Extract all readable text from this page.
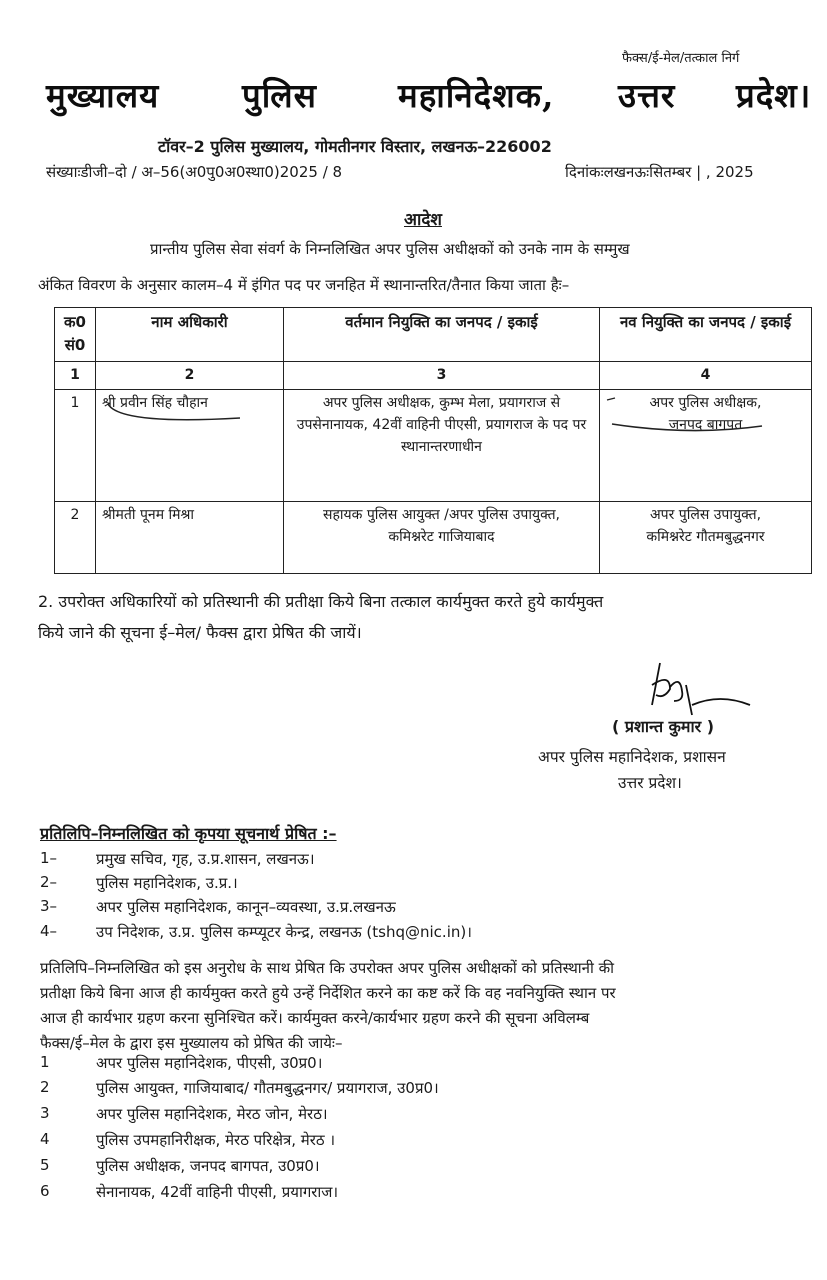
फैक्स/ई-मेल/तत्काल निर्ग
मुख्यालय	पुलिस महानिदेशक, उत्तर प्रदेश।
टॉवर–2 पुलिस मुख्यालय, गोमतीनगर विस्तार, लखनऊ–226002
संख्याःडीजी–दो / अ–56(अ0पु0अ0स्था0)2025 / 8	दिनांकःलखनऊःसितम्बर | , 2025
आदेश
प्रान्तीय पुलिस सेवा संवर्ग के निम्नलिखित अपर पुलिस अधीक्षकों को उनके नाम के सम्मुख
अंकित विवरण के अनुसार कालम–4 में इंगित पद पर जनहित में स्थानान्तरित/तैनात किया जाता हैः–
क0 सं0	नाम अधिकारी	वर्तमान नियुक्ति का जनपद / इकाई	नव नियुक्ति का जनपद / इकाई
1	2	3	4
1	श्री प्रवीन सिंह चौहान	अपर पुलिस अधीक्षक, कुम्भ मेला, प्रयागराज से उपसेनानायक, 42वीं वाहिनी पीएसी, प्रयागराज के पद पर स्थानान्तरणाधीन	अपर पुलिस अधीक्षक, जनपद बागपत
2	श्रीमती पूनम मिश्रा	सहायक पुलिस आयुक्त /अपर पुलिस उपायुक्त, कमिश्नरेट गाजियाबाद	अपर पुलिस उपायुक्त, कमिश्नरेट गौतमबुद्धनगर
2. उपरोक्त अधिकारियों को प्रतिस्थानी की प्रतीक्षा किये बिना तत्काल कार्यमुक्त करते हुये कार्यमुक्त
किये जाने की सूचना ई–मेल/ फैक्स द्वारा प्रेषित की जायें।
( प्रशान्त कुमार )
अपर पुलिस महानिदेशक, प्रशासन
उत्तर प्रदेश।
प्रतिलिपि–निम्नलिखित को कृपया सूचनार्थ प्रेषित :–
1–	प्रमुख सचिव, गृह, उ.प्र.शासन, लखनऊ।
2–	पुलिस महानिदेशक, उ.प्र.।
3–	अपर पुलिस महानिदेशक, कानून–व्यवस्था, उ.प्र.लखनऊ
4–	उप निदेशक, उ.प्र. पुलिस कम्प्यूटर केन्द्र, लखनऊ (tshq@nic.in)।
प्रतिलिपि–निम्नलिखित को इस अनुरोध के साथ प्रेषित कि उपरोक्त अपर पुलिस अधीक्षकों को प्रतिस्थानी की
प्रतीक्षा किये बिना आज ही कार्यमुक्त करते हुये उन्हें निर्देशित करने का कष्ट करें कि वह नवनियुक्ति स्थान पर
आज ही कार्यभार ग्रहण करना सुनिश्चित करें। कार्यमुक्त करने/कार्यभार ग्रहण करने की सूचना अविलम्ब
फैक्स/ई–मेल के द्वारा इस मुख्यालय को प्रेषित की जायेः–
1	अपर पुलिस महानिदेशक, पीएसी, उ0प्र0।
2	पुलिस आयुक्त, गाजियाबाद/ गौतमबुद्धनगर/ प्रयागराज, उ0प्र0।
3	अपर पुलिस महानिदेशक, मेरठ जोन, मेरठ।
4	पुलिस उपमहानिरीक्षक, मेरठ परिक्षेत्र, मेरठ ।
5	पुलिस अधीक्षक, जनपद बागपत, उ0प्र0।
6	सेनानायक, 42वीं वाहिनी पीएसी, प्रयागराज।
